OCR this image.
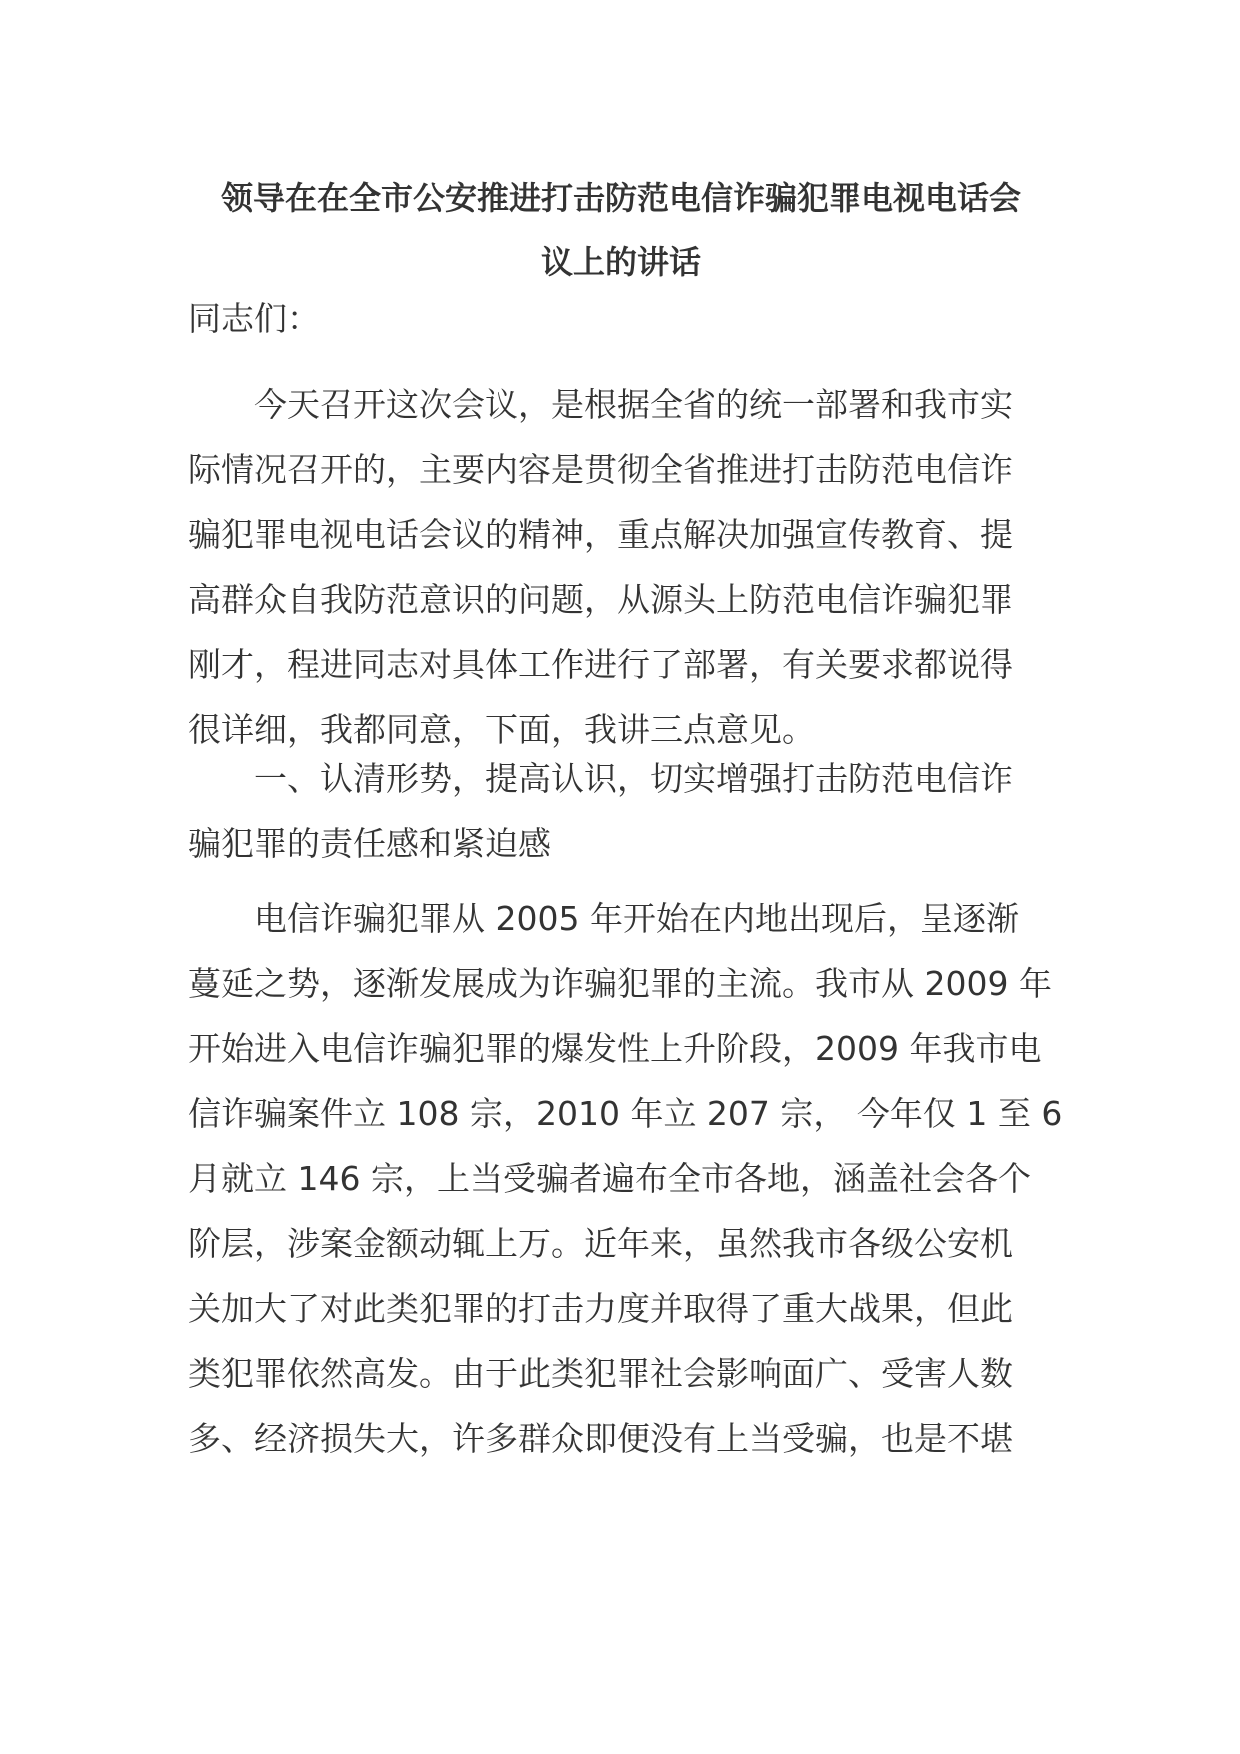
领导在在全市公安推进打击防范电信诈骗犯罪电视电话会
议上的讲话
同志们：
今天召开这次会议，是根据全省的统一部署和我市实
际情况召开的，主要内容是贯彻全省推进打击防范电信诈
骗犯罪电视电话会议的精神，重点解决加强宣传教育、提
高群众自我防范意识的问题，从源头上防范电信诈骗犯罪
刚才，程进同志对具体工作进行了部署，有关要求都说得
很详细，我都同意，下面，我讲三点意见。
一、认清形势，提高认识，切实增强打击防范电信诈
骗犯罪的责任感和紧迫感
电信诈骗犯罪从 2005 年开始在内地出现后，呈逐渐
蔓延之势，逐渐发展成为诈骗犯罪的主流。我市从 2009 年
开始进入电信诈骗犯罪的爆发性上升阶段，2009 年我市电
信诈骗案件立 108 宗，2010 年立 207 宗， 今年仅 1 至 6
月就立 146 宗，上当受骗者遍布全市各地，涵盖社会各个
阶层，涉案金额动辄上万。近年来，虽然我市各级公安机
关加大了对此类犯罪的打击力度并取得了重大战果，但此
类犯罪依然高发。由于此类犯罪社会影响面广、受害人数
多、经济损失大，许多群众即便没有上当受骗，也是不堪
